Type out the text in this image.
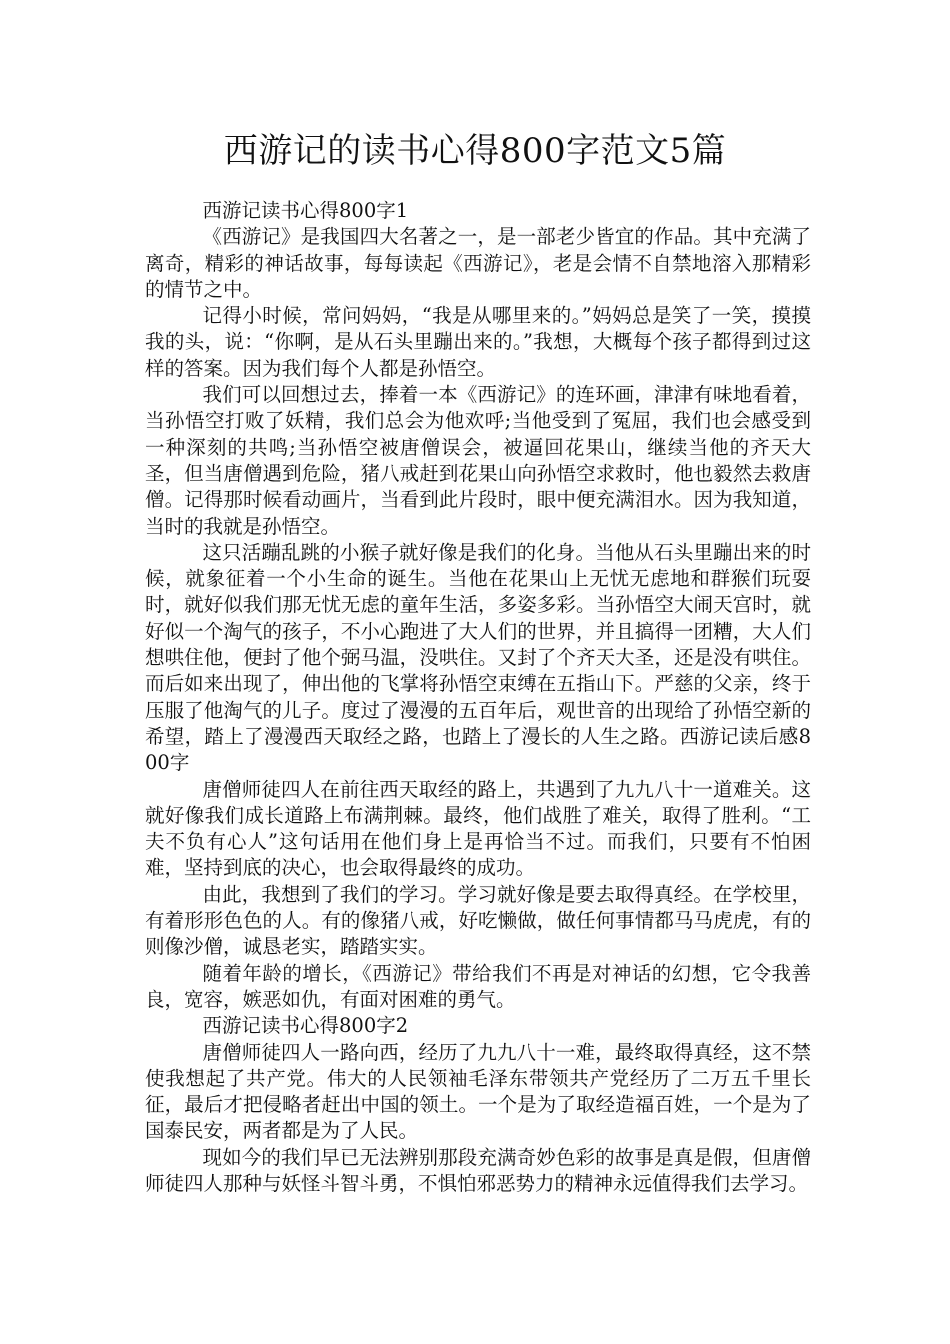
西游记的读书心得800字范文5篇

西游记读书心得800字1

《西游记》是我国四大名著之一，是一部老少皆宜的作品。其中充满了离奇，精彩的神话故事，每每读起《西游记》，老是会情不自禁地溶入那精彩的情节之中。

记得小时候，常问妈妈，“我是从哪里来的。”妈妈总是笑了一笑，摸摸我的头，说：“你啊，是从石头里蹦出来的。”我想，大概每个孩子都得到过这样的答案。因为我们每个人都是孙悟空。

我们可以回想过去，捧着一本《西游记》的连环画，津津有味地看着，当孙悟空打败了妖精，我们总会为他欢呼;当他受到了冤屈，我们也会感受到一种深刻的共鸣;当孙悟空被唐僧误会，被逼回花果山，继续当他的齐天大圣，但当唐僧遇到危险，猪八戒赶到花果山向孙悟空求救时，他也毅然去救唐僧。记得那时候看动画片，当看到此片段时，眼中便充满泪水。因为我知道，当时的我就是孙悟空。

这只活蹦乱跳的小猴子就好像是我们的化身。当他从石头里蹦出来的时候，就象征着一个小生命的诞生。当他在花果山上无忧无虑地和群猴们玩耍时，就好似我们那无忧无虑的童年生活，多姿多彩。当孙悟空大闹天宫时，就好似一个淘气的孩子，不小心跑进了大人们的世界，并且搞得一团糟，大人们想哄住他，便封了他个弼马温，没哄住。又封了个齐天大圣，还是没有哄住。而后如来出现了，伸出他的飞掌将孙悟空束缚在五指山下。严慈的父亲，终于压服了他淘气的儿子。度过了漫漫的五百年后，观世音的出现给了孙悟空新的希望，踏上了漫漫西天取经之路，也踏上了漫长的人生之路。西游记读后感800字

唐僧师徒四人在前往西天取经的路上，共遇到了九九八十一道难关。这就好像我们成长道路上布满荆棘。最终，他们战胜了难关，取得了胜利。“工夫不负有心人”这句话用在他们身上是再恰当不过。而我们，只要有不怕困难，坚持到底的决心，也会取得最终的成功。

由此，我想到了我们的学习。学习就好像是要去取得真经。在学校里，有着形形色色的人。有的像猪八戒，好吃懒做，做任何事情都马马虎虎，有的则像沙僧，诚恳老实，踏踏实实。

随着年龄的增长，《西游记》带给我们不再是对神话的幻想，它令我善良，宽容，嫉恶如仇，有面对困难的勇气。

西游记读书心得800字2

唐僧师徒四人一路向西，经历了九九八十一难，最终取得真经，这不禁使我想起了共产党。伟大的人民领袖毛泽东带领共产党经历了二万五千里长征，最后才把侵略者赶出中国的领土。一个是为了取经造福百姓，一个是为了国泰民安，两者都是为了人民。

现如今的我们早已无法辨别那段充满奇妙色彩的故事是真是假，但唐僧师徒四人那种与妖怪斗智斗勇，不惧怕邪恶势力的精神永远值得我们去学习。
